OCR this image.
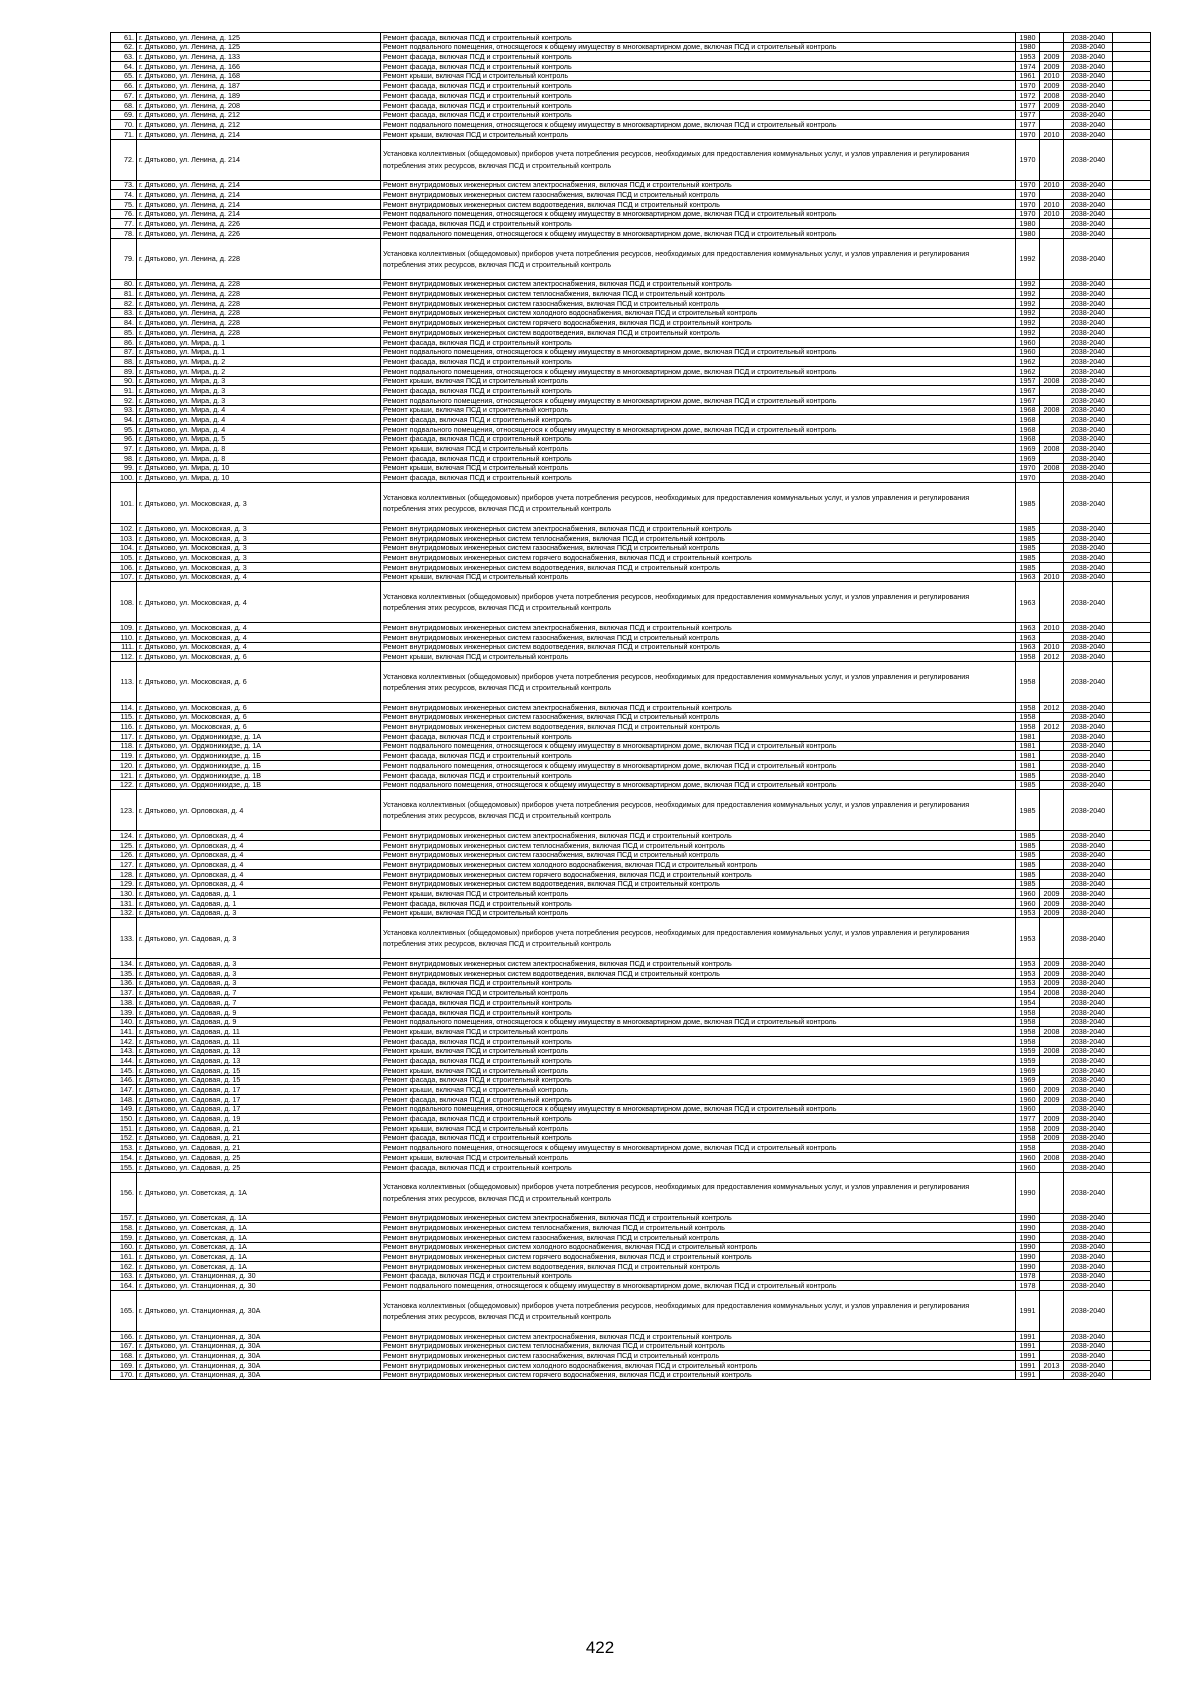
61.	г. Дятьково, ул. Ленина, д. 125	Ремонт фасада, включая ПСД и строительный контроль	1980		2038-2040	
62.	г. Дятьково, ул. Ленина, д. 125	Ремонт подвального помещения, относящегося к общему имуществу в многоквартирном доме, включая ПСД и строительный контроль	1980		2038-2040	
63.	г. Дятьково, ул. Ленина, д. 133	Ремонт фасада, включая ПСД и строительный контроль	1953	2009	2038-2040	
64.	г. Дятьково, ул. Ленина, д. 166	Ремонт фасада, включая ПСД и строительный контроль	1974	2009	2038-2040	
65.	г. Дятьково, ул. Ленина, д. 168	Ремонт крыши, включая ПСД и строительный контроль	1961	2010	2038-2040	
66.	г. Дятьково, ул. Ленина, д. 187	Ремонт фасада, включая ПСД и строительный контроль	1970	2009	2038-2040	
67.	г. Дятьково, ул. Ленина, д. 189	Ремонт фасада, включая ПСД и строительный контроль	1972	2008	2038-2040	
68.	г. Дятьково, ул. Ленина, д. 208	Ремонт фасада, включая ПСД и строительный контроль	1977	2009	2038-2040	
69.	г. Дятьково, ул. Ленина, д. 212	Ремонт фасада, включая ПСД и строительный контроль	1977		2038-2040	
70.	г. Дятьково, ул. Ленина, д. 212	Ремонт подвального помещения, относящегося к общему имуществу в многоквартирном доме, включая ПСД и строительный контроль	1977		2038-2040	
71.	г. Дятьково, ул. Ленина, д. 214	Ремонт крыши, включая ПСД и строительный контроль	1970	2010	2038-2040	
72.	г. Дятьково, ул. Ленина, д. 214	Установка коллективных (общедомовых) приборов учета потребления ресурсов, необходимых для предоставления коммунальных услуг, и узлов управления и регулирования потребления этих ресурсов, включая ПСД и строительный контроль	1970		2038-2040	
73.	г. Дятьково, ул. Ленина, д. 214	Ремонт внутридомовых инженерных систем электроснабжения, включая ПСД и строительный контроль	1970	2010	2038-2040	
74.	г. Дятьково, ул. Ленина, д. 214	Ремонт внутридомовых инженерных систем газоснабжения, включая ПСД и строительный контроль	1970		2038-2040	
75.	г. Дятьково, ул. Ленина, д. 214	Ремонт внутридомовых инженерных систем водоотведения, включая ПСД и строительный контроль	1970	2010	2038-2040	
76.	г. Дятьково, ул. Ленина, д. 214	Ремонт подвального помещения, относящегося к общему имуществу в многоквартирном доме, включая ПСД и строительный контроль	1970	2010	2038-2040	
77.	г. Дятьково, ул. Ленина, д. 226	Ремонт фасада, включая ПСД и строительный контроль	1980		2038-2040	
78.	г. Дятьково, ул. Ленина, д. 226	Ремонт подвального помещения, относящегося к общему имуществу в многоквартирном доме, включая ПСД и строительный контроль	1980		2038-2040	
79.	г. Дятьково, ул. Ленина, д. 228	Установка коллективных (общедомовых) приборов учета потребления ресурсов, необходимых для предоставления коммунальных услуг, и узлов управления и регулирования потребления этих ресурсов, включая ПСД и строительный контроль	1992		2038-2040	
80.	г. Дятьково, ул. Ленина, д. 228	Ремонт внутридомовых инженерных систем электроснабжения, включая ПСД и строительный контроль	1992		2038-2040	
81.	г. Дятьково, ул. Ленина, д. 228	Ремонт внутридомовых инженерных систем теплоснабжения, включая ПСД и строительный контроль	1992		2038-2040	
82.	г. Дятьково, ул. Ленина, д. 228	Ремонт внутридомовых инженерных систем газоснабжения, включая ПСД и строительный контроль	1992		2038-2040	
83.	г. Дятьково, ул. Ленина, д. 228	Ремонт внутридомовых инженерных систем холодного водоснабжения, включая ПСД и строительный контроль	1992		2038-2040	
84.	г. Дятьково, ул. Ленина, д. 228	Ремонт внутридомовых инженерных систем горячего водоснабжения, включая ПСД и строительный контроль	1992		2038-2040	
85.	г. Дятьково, ул. Ленина, д. 228	Ремонт внутридомовых инженерных систем водоотведения, включая ПСД и строительный контроль	1992		2038-2040	
86.	г. Дятьково, ул. Мира, д. 1	Ремонт фасада, включая ПСД и строительный контроль	1960		2038-2040	
87.	г. Дятьково, ул. Мира, д. 1	Ремонт подвального помещения, относящегося к общему имуществу в многоквартирном доме, включая ПСД и строительный контроль	1960		2038-2040	
88.	г. Дятьково, ул. Мира, д. 2	Ремонт фасада, включая ПСД и строительный контроль	1962		2038-2040	
89.	г. Дятьково, ул. Мира, д. 2	Ремонт подвального помещения, относящегося к общему имуществу в многоквартирном доме, включая ПСД и строительный контроль	1962		2038-2040	
90.	г. Дятьково, ул. Мира, д. 3	Ремонт крыши, включая ПСД и строительный контроль	1957	2008	2038-2040	
91.	г. Дятьково, ул. Мира, д. 3	Ремонт фасада, включая ПСД и строительный контроль	1967		2038-2040	
92.	г. Дятьково, ул. Мира, д. 3	Ремонт подвального помещения, относящегося к общему имуществу в многоквартирном доме, включая ПСД и строительный контроль	1967		2038-2040	
93.	г. Дятьково, ул. Мира, д. 4	Ремонт крыши, включая ПСД и строительный контроль	1968	2008	2038-2040	
94.	г. Дятьково, ул. Мира, д. 4	Ремонт фасада, включая ПСД и строительный контроль	1968		2038-2040	
95.	г. Дятьково, ул. Мира, д. 4	Ремонт подвального помещения, относящегося к общему имуществу в многоквартирном доме, включая ПСД и строительный контроль	1968		2038-2040	
96.	г. Дятьково, ул. Мира, д. 5	Ремонт фасада, включая ПСД и строительный контроль	1968		2038-2040	
97.	г. Дятьково, ул. Мира, д. 8	Ремонт крыши, включая ПСД и строительный контроль	1969	2008	2038-2040	
98.	г. Дятьково, ул. Мира, д. 8	Ремонт фасада, включая ПСД и строительный контроль	1969		2038-2040	
99.	г. Дятьково, ул. Мира, д. 10	Ремонт крыши, включая ПСД и строительный контроль	1970	2008	2038-2040	
100.	г. Дятьково, ул. Мира, д. 10	Ремонт фасада, включая ПСД и строительный контроль	1970		2038-2040	
101.	г. Дятьково, ул. Московская, д. 3	Установка коллективных (общедомовых) приборов учета потребления ресурсов, необходимых для предоставления коммунальных услуг, и узлов управления и регулирования потребления этих ресурсов, включая ПСД и строительный контроль	1985		2038-2040	
102.	г. Дятьково, ул. Московская, д. 3	Ремонт внутридомовых инженерных систем электроснабжения, включая ПСД и строительный контроль	1985		2038-2040	
103.	г. Дятьково, ул. Московская, д. 3	Ремонт внутридомовых инженерных систем теплоснабжения, включая ПСД и строительный контроль	1985		2038-2040	
104.	г. Дятьково, ул. Московская, д. 3	Ремонт внутридомовых инженерных систем газоснабжения, включая ПСД и строительный контроль	1985		2038-2040	
105.	г. Дятьково, ул. Московская, д. 3	Ремонт внутридомовых инженерных систем горячего водоснабжения, включая ПСД и строительный контроль	1985		2038-2040	
106.	г. Дятьково, ул. Московская, д. 3	Ремонт внутридомовых инженерных систем водоотведения, включая ПСД и строительный контроль	1985		2038-2040	
107.	г. Дятьково, ул. Московская, д. 4	Ремонт крыши, включая ПСД и строительный контроль	1963	2010	2038-2040	
108.	г. Дятьково, ул. Московская, д. 4	Установка коллективных (общедомовых) приборов учета потребления ресурсов, необходимых для предоставления коммунальных услуг, и узлов управления и регулирования потребления этих ресурсов, включая ПСД и строительный контроль	1963		2038-2040	
109.	г. Дятьково, ул. Московская, д. 4	Ремонт внутридомовых инженерных систем электроснабжения, включая ПСД и строительный контроль	1963	2010	2038-2040	
110.	г. Дятьково, ул. Московская, д. 4	Ремонт внутридомовых инженерных систем газоснабжения, включая ПСД и строительный контроль	1963		2038-2040	
111.	г. Дятьково, ул. Московская, д. 4	Ремонт внутридомовых инженерных систем водоотведения, включая ПСД и строительный контроль	1963	2010	2038-2040	
112.	г. Дятьково, ул. Московская, д. 6	Ремонт крыши, включая ПСД и строительный контроль	1958	2012	2038-2040	
113.	г. Дятьково, ул. Московская, д. 6	Установка коллективных (общедомовых) приборов учета потребления ресурсов, необходимых для предоставления коммунальных услуг, и узлов управления и регулирования потребления этих ресурсов, включая ПСД и строительный контроль	1958		2038-2040	
114.	г. Дятьково, ул. Московская, д. 6	Ремонт внутридомовых инженерных систем электроснабжения, включая ПСД и строительный контроль	1958	2012	2038-2040	
115.	г. Дятьково, ул. Московская, д. 6	Ремонт внутридомовых инженерных систем газоснабжения, включая ПСД и строительный контроль	1958		2038-2040	
116.	г. Дятьково, ул. Московская, д. 6	Ремонт внутридомовых инженерных систем водоотведения, включая ПСД и строительный контроль	1958	2012	2038-2040	
117.	г. Дятьково, ул. Орджоникидзе, д. 1А	Ремонт фасада, включая ПСД и строительный контроль	1981		2038-2040	
118.	г. Дятьково, ул. Орджоникидзе, д. 1А	Ремонт подвального помещения, относящегося к общему имуществу в многоквартирном доме, включая ПСД и строительный контроль	1981		2038-2040	
119.	г. Дятьково, ул. Орджоникидзе, д. 1Б	Ремонт фасада, включая ПСД и строительный контроль	1981		2038-2040	
120.	г. Дятьково, ул. Орджоникидзе, д. 1Б	Ремонт подвального помещения, относящегося к общему имуществу в многоквартирном доме, включая ПСД и строительный контроль	1981		2038-2040	
121.	г. Дятьково, ул. Орджоникидзе, д. 1В	Ремонт фасада, включая ПСД и строительный контроль	1985		2038-2040	
122.	г. Дятьково, ул. Орджоникидзе, д. 1В	Ремонт подвального помещения, относящегося к общему имуществу в многоквартирном доме, включая ПСД и строительный контроль	1985		2038-2040	
123.	г. Дятьково, ул. Орловская, д. 4	Установка коллективных (общедомовых) приборов учета потребления ресурсов, необходимых для предоставления коммунальных услуг, и узлов управления и регулирования потребления этих ресурсов, включая ПСД и строительный контроль	1985		2038-2040	
124.	г. Дятьково, ул. Орловская, д. 4	Ремонт внутридомовых инженерных систем электроснабжения, включая ПСД и строительный контроль	1985		2038-2040	
125.	г. Дятьково, ул. Орловская, д. 4	Ремонт внутридомовых инженерных систем теплоснабжения, включая ПСД и строительный контроль	1985		2038-2040	
126.	г. Дятьково, ул. Орловская, д. 4	Ремонт внутридомовых инженерных систем газоснабжения, включая ПСД и строительный контроль	1985		2038-2040	
127.	г. Дятьково, ул. Орловская, д. 4	Ремонт внутридомовых инженерных систем холодного водоснабжения, включая ПСД и строительный контроль	1985		2038-2040	
128.	г. Дятьково, ул. Орловская, д. 4	Ремонт внутридомовых инженерных систем горячего водоснабжения, включая ПСД и строительный контроль	1985		2038-2040	
129.	г. Дятьково, ул. Орловская, д. 4	Ремонт внутридомовых инженерных систем водоотведения, включая ПСД и строительный контроль	1985		2038-2040	
130.	г. Дятьково, ул. Садовая, д. 1	Ремонт крыши, включая ПСД и строительный контроль	1960	2009	2038-2040	
131.	г. Дятьково, ул. Садовая, д. 1	Ремонт фасада, включая ПСД и строительный контроль	1960	2009	2038-2040	
132.	г. Дятьково, ул. Садовая, д. 3	Ремонт крыши, включая ПСД и строительный контроль	1953	2009	2038-2040	
133.	г. Дятьково, ул. Садовая, д. 3	Установка коллективных (общедомовых) приборов учета потребления ресурсов, необходимых для предоставления коммунальных услуг, и узлов управления и регулирования потребления этих ресурсов, включая ПСД и строительный контроль	1953		2038-2040	
134.	г. Дятьково, ул. Садовая, д. 3	Ремонт внутридомовых инженерных систем электроснабжения, включая ПСД и строительный контроль	1953	2009	2038-2040	
135.	г. Дятьково, ул. Садовая, д. 3	Ремонт внутридомовых инженерных систем водоотведения, включая ПСД и строительный контроль	1953	2009	2038-2040	
136.	г. Дятьково, ул. Садовая, д. 3	Ремонт фасада, включая ПСД и строительный контроль	1953	2009	2038-2040	
137.	г. Дятьково, ул. Садовая, д. 7	Ремонт крыши, включая ПСД и строительный контроль	1954	2008	2038-2040	
138.	г. Дятьково, ул. Садовая, д. 7	Ремонт фасада, включая ПСД и строительный контроль	1954		2038-2040	
139.	г. Дятьково, ул. Садовая, д. 9	Ремонт фасада, включая ПСД и строительный контроль	1958		2038-2040	
140.	г. Дятьково, ул. Садовая, д. 9	Ремонт подвального помещения, относящегося к общему имуществу в многоквартирном доме, включая ПСД и строительный контроль	1958		2038-2040	
141.	г. Дятьково, ул. Садовая, д. 11	Ремонт крыши, включая ПСД и строительный контроль	1958	2008	2038-2040	
142.	г. Дятьково, ул. Садовая, д. 11	Ремонт фасада, включая ПСД и строительный контроль	1958		2038-2040	
143.	г. Дятьково, ул. Садовая, д. 13	Ремонт крыши, включая ПСД и строительный контроль	1959	2008	2038-2040	
144.	г. Дятьково, ул. Садовая, д. 13	Ремонт фасада, включая ПСД и строительный контроль	1959		2038-2040	
145.	г. Дятьково, ул. Садовая, д. 15	Ремонт крыши, включая ПСД и строительный контроль	1969		2038-2040	
146.	г. Дятьково, ул. Садовая, д. 15	Ремонт фасада, включая ПСД и строительный контроль	1969		2038-2040	
147.	г. Дятьково, ул. Садовая, д. 17	Ремонт крыши, включая ПСД и строительный контроль	1960	2009	2038-2040	
148.	г. Дятьково, ул. Садовая, д. 17	Ремонт фасада, включая ПСД и строительный контроль	1960	2009	2038-2040	
149.	г. Дятьково, ул. Садовая, д. 17	Ремонт подвального помещения, относящегося к общему имуществу в многоквартирном доме, включая ПСД и строительный контроль	1960		2038-2040	
150.	г. Дятьково, ул. Садовая, д. 19	Ремонт фасада, включая ПСД и строительный контроль	1977	2009	2038-2040	
151.	г. Дятьково, ул. Садовая, д. 21	Ремонт крыши, включая ПСД и строительный контроль	1958	2009	2038-2040	
152.	г. Дятьково, ул. Садовая, д. 21	Ремонт фасада, включая ПСД и строительный контроль	1958	2009	2038-2040	
153.	г. Дятьково, ул. Садовая, д. 21	Ремонт подвального помещения, относящегося к общему имуществу в многоквартирном доме, включая ПСД и строительный контроль	1958		2038-2040	
154.	г. Дятьково, ул. Садовая, д. 25	Ремонт крыши, включая ПСД и строительный контроль	1960	2008	2038-2040	
155.	г. Дятьково, ул. Садовая, д. 25	Ремонт фасада, включая ПСД и строительный контроль	1960		2038-2040	
156.	г. Дятьково, ул. Советская, д. 1А	Установка коллективных (общедомовых) приборов учета потребления ресурсов, необходимых для предоставления коммунальных услуг, и узлов управления и регулирования потребления этих ресурсов, включая ПСД и строительный контроль	1990		2038-2040	
157.	г. Дятьково, ул. Советская, д. 1А	Ремонт внутридомовых инженерных систем электроснабжения, включая ПСД и строительный контроль	1990		2038-2040	
158.	г. Дятьково, ул. Советская, д. 1А	Ремонт внутридомовых инженерных систем теплоснабжения, включая ПСД и строительный контроль	1990		2038-2040	
159.	г. Дятьково, ул. Советская, д. 1А	Ремонт внутридомовых инженерных систем газоснабжения, включая ПСД и строительный контроль	1990		2038-2040	
160.	г. Дятьково, ул. Советская, д. 1А	Ремонт внутридомовых инженерных систем холодного водоснабжения, включая ПСД и строительный контроль	1990		2038-2040	
161.	г. Дятьково, ул. Советская, д. 1А	Ремонт внутридомовых инженерных систем горячего водоснабжения, включая ПСД и строительный контроль	1990		2038-2040	
162.	г. Дятьково, ул. Советская, д. 1А	Ремонт внутридомовых инженерных систем водоотведения, включая ПСД и строительный контроль	1990		2038-2040	
163.	г. Дятьково, ул. Станционная, д. 30	Ремонт фасада, включая ПСД и строительный контроль	1978		2038-2040	
164.	г. Дятьково, ул. Станционная, д. 30	Ремонт подвального помещения, относящегося к общему имуществу в многоквартирном доме, включая ПСД и строительный контроль	1978		2038-2040	
165.	г. Дятьково, ул. Станционная, д. 30А	Установка коллективных (общедомовых) приборов учета потребления ресурсов, необходимых для предоставления коммунальных услуг, и узлов управления и регулирования потребления этих ресурсов, включая ПСД и строительный контроль	1991		2038-2040	
166.	г. Дятьково, ул. Станционная, д. 30А	Ремонт внутридомовых инженерных систем электроснабжения, включая ПСД и строительный контроль	1991		2038-2040	
167.	г. Дятьково, ул. Станционная, д. 30А	Ремонт внутридомовых инженерных систем теплоснабжения, включая ПСД и строительный контроль	1991		2038-2040	
168.	г. Дятьково, ул. Станционная, д. 30А	Ремонт внутридомовых инженерных систем газоснабжения, включая ПСД и строительный контроль	1991		2038-2040	
169.	г. Дятьково, ул. Станционная, д. 30А	Ремонт внутридомовых инженерных систем холодного водоснабжения, включая ПСД и строительный контроль	1991	2013	2038-2040	
170.	г. Дятьково, ул. Станционная, д. 30А	Ремонт внутридомовых инженерных систем горячего водоснабжения, включая ПСД и строительный контроль	1991		2038-2040	
422
